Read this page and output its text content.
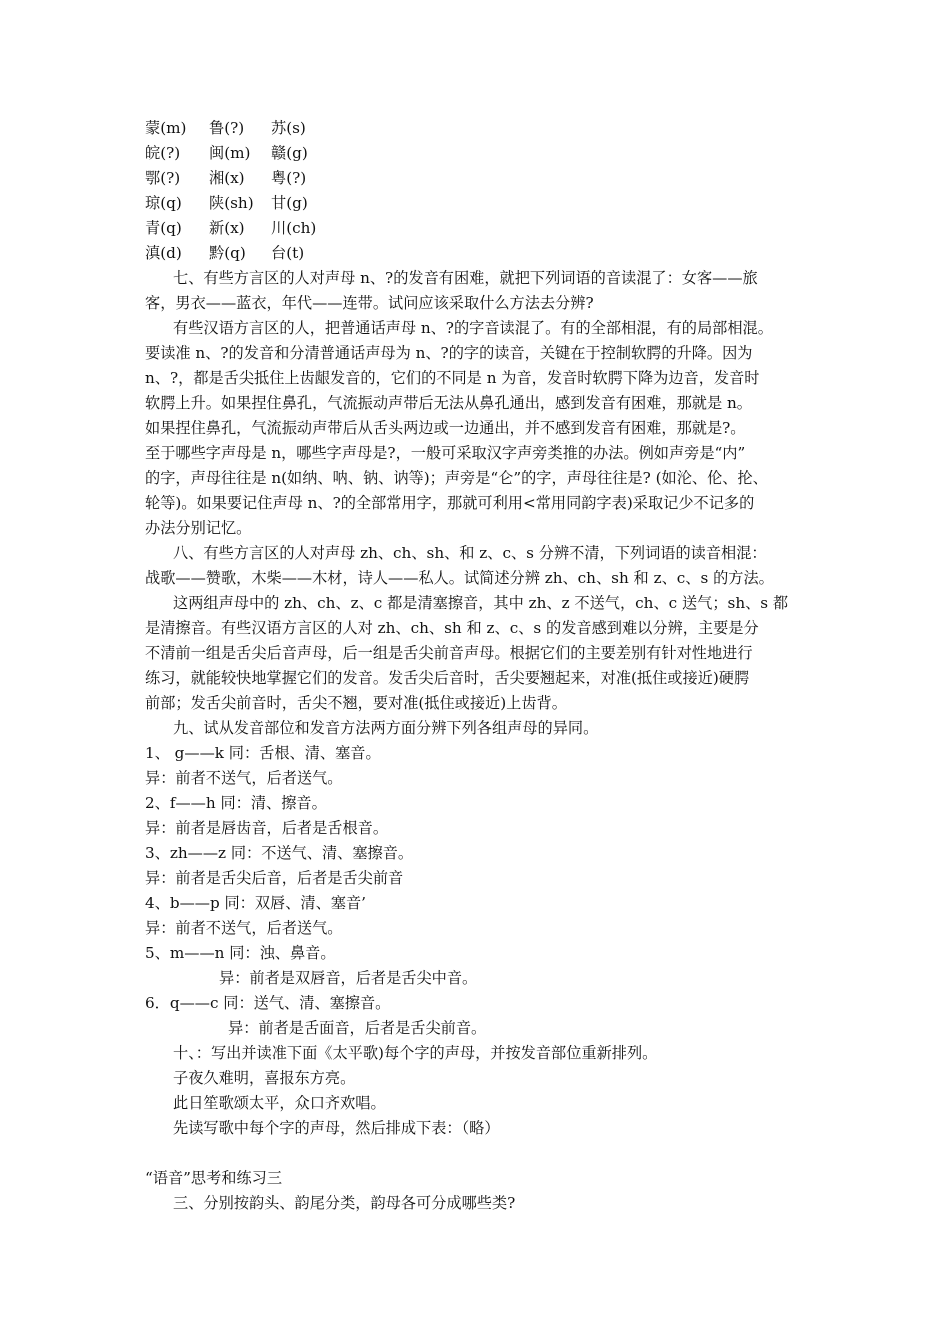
蒙(m) 鲁(?) 苏(s)
皖(?) 闽(m) 赣(g)
鄂(?) 湘(x) 粤(?)
琼(q) 陕(sh) 甘(g)
青(q) 新(x) 川(ch)
滇(d) 黔(q) 台(t)
七、有些方言区的人对声母 n、?的发音有困难，就把下列词语的音读混了：女客——旅
客，男衣——蓝衣，年代——连带。试问应该采取什么方法去分辨?
有些汉语方言区的人，把普通话声母 n、?的字音读混了。有的全部相混，有的局部相混。
要读准 n、?的发音和分清普通话声母为 n、?的字的读音，关键在于控制软腭的升降。因为
n、?，都是舌尖抵住上齿龈发音的，它们的不同是 n 为音，发音时软腭下降为边音，发音时
软腭上升。如果捏住鼻孔，气流振动声带后无法从鼻孔通出，感到发音有困难，那就是 n。
如果捏住鼻孔，气流振动声带后从舌头两边或一边通出，并不感到发音有困难，那就是?。
至于哪些字声母是 n，哪些字声母是?，一般可采取汉字声旁类推的办法。例如声旁是“内”
的字，声母往往是 n(如纳、呐、钠、讷等)；声旁是“仑”的字，声母往往是? (如沦、伦、抡、
轮等)。如果要记住声母 n、?的全部常用字，那就可利用<常用同韵字表)采取记少不记多的
办法分别记忆。
八、有些方言区的人对声母 zh、ch、sh、和 z、c、s 分辨不清，下列词语的读音相混：
战歌——赞歌，木柴——木材，诗人——私人。试简述分辨 zh、ch、sh 和 z、c、s 的方法。
这两组声母中的 zh、ch、z、c 都是清塞擦音，其中 zh、z 不送气，ch、c 送气；sh、s 都
是清擦音。有些汉语方言区的人对 zh、ch、sh 和 z、c、s 的发音感到难以分辨，主要是分
不清前一组是舌尖后音声母，后一组是舌尖前音声母。根据它们的主要差别有针对性地进行
练习，就能较快地掌握它们的发音。发舌尖后音时，舌尖要翘起来，对准(抵住或接近)硬腭
前部；发舌尖前音时，舌尖不翘，要对准(抵住或接近)上齿背。
九、试从发音部位和发音方法两方面分辨下列各组声母的异同。
1、 g——k 同：舌根、清、塞音。
异：前者不送气，后者送气。
2、f——h 同：清、擦音。
异：前者是唇齿音，后者是舌根音。
3、zh——z 同：不送气、清、塞擦音。
异：前者是舌尖后音，后者是舌尖前音
4、b——p 同：双唇、清、塞音’
异：前者不送气，后者送气。
5、m——n 同：浊、鼻音。
异：前者是双唇音，后者是舌尖中音。
6．q——c 同：送气、清、塞擦音。
异：前者是舌面音，后者是舌尖前音。
十、：写出并读准下面《太平歌)每个字的声母，并按发音部位重新排列。
子夜久难明，喜报东方亮。
此日笙歌颂太平，众口齐欢唱。
先读写歌中每个字的声母，然后排成下表：（略）
“语音”思考和练习三
三、分别按韵头、韵尾分类，韵母各可分成哪些类?
